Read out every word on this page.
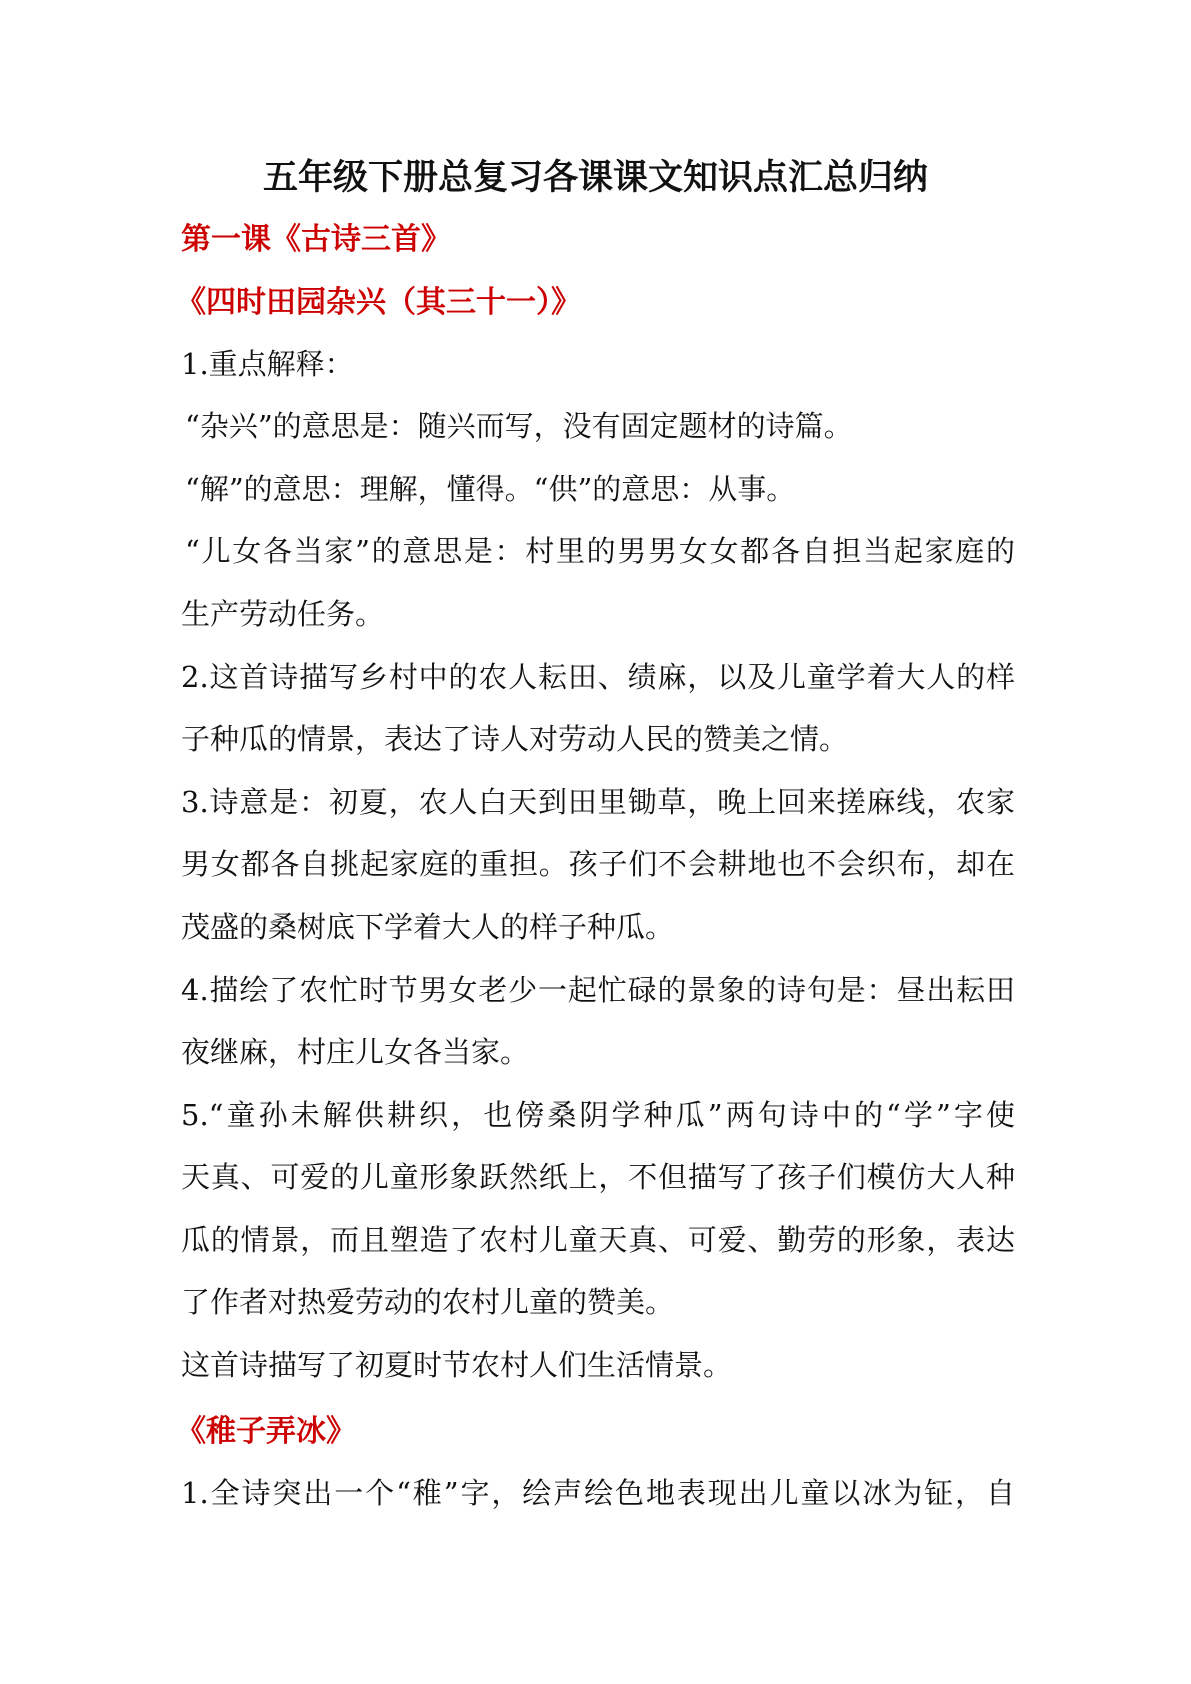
五年级下册总复习各课课文知识点汇总归纳
第一课《古诗三首》
《四时田园杂兴（其三十一）》
1.重点解释：
“杂兴”的意思是：随兴而写，没有固定题材的诗篇。
“解”的意思：理解，懂得。“供”的意思：从事。
“儿女各当家”的意思是：村里的男男女女都各自担当起家庭的
生产劳动任务。
2.这首诗描写乡村中的农人耘田、绩麻，以及儿童学着大人的样
子种瓜的情景，表达了诗人对劳动人民的赞美之情。
3.诗意是：初夏，农人白天到田里锄草，晚上回来搓麻线，农家
男女都各自挑起家庭的重担。孩子们不会耕地也不会织布，却在
茂盛的桑树底下学着大人的样子种瓜。
4.描绘了农忙时节男女老少一起忙碌的景象的诗句是：昼出耘田
夜继麻，村庄儿女各当家。
5.“童孙未解供耕织，也傍桑阴学种瓜”两句诗中的“学”字使
天真、可爱的儿童形象跃然纸上，不但描写了孩子们模仿大人种
瓜的情景，而且塑造了农村儿童天真、可爱、勤劳的形象，表达
了作者对热爱劳动的农村儿童的赞美。
这首诗描写了初夏时节农村人们生活情景。
《稚子弄冰》
1.全诗突出一个“稚”字，绘声绘色地表现出儿童以冰为钲，自
